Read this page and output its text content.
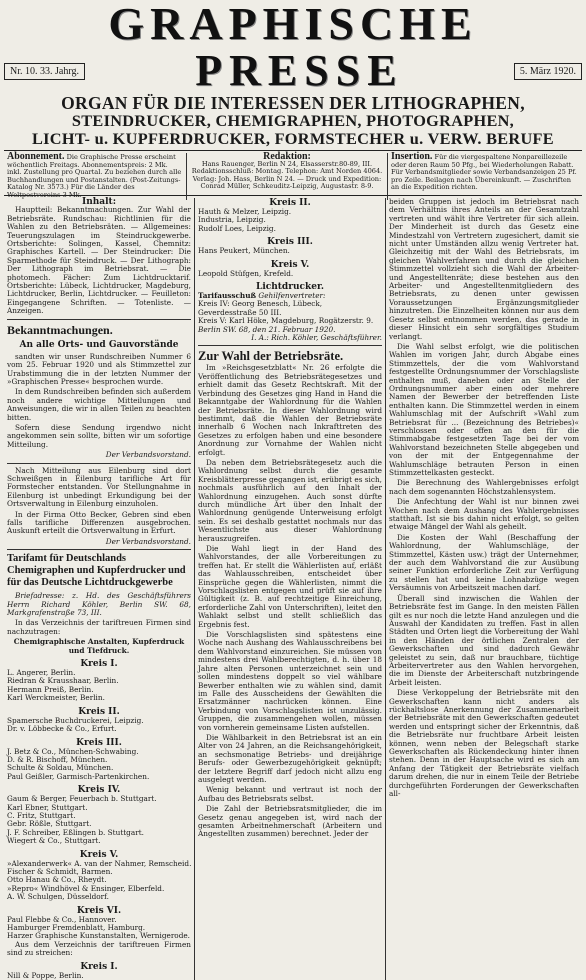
GRAPHISCHE
Nr. 10. 33. Jahrg.	PRESSE	5. März 1920.
ORGAN FÜR DIE INTERESSEN DER LITHOGRAPHEN,
STEINDRUCKER, CHEMIGRAPHEN, PHOTOGRAPHEN,
LICHT- u. KUPFERDRUCKER, FORMSTECHER u. VERW. BERUFE
Abonnement. Die Graphische Presse erscheint wöchentlich Freitags. Abonnementspreis: 2 Mk. inkl. Zustellung pro Quartal. Zu beziehen durch alle Buchhandlungen und Postanstalten. (Post-Zeitungs-Katalog Nr. 3573.) Für die Länder des Weltpostvereins 3 Mk.
Redaktion:
Hans Rauenger, Berlin N 24, Elsasserstr.80-89, III. Redaktionsschluß: Montag. Telephon: Amt Norden 4064. Verlag: Joh. Hass, Berlin N 24. — Druck und Expedition: Conrad Müller, Schkeuditz-Leipzig, Augustastr. 8-9.
Insertion. Für die viergespaltene Nonpareillezeile oder deren Raum 50 Pfg., bei Wiederholungen Rabatt. Für Verbandsmitglieder sowie Verbandsanzeigen 25 Pf. pro Zeile. Beilagen nach Übereinkunft. — Zuschriften an die Expedition richten.
Inhalt:

Hauptteil: Bekanntmachungen. Zur Wahl der Betriebsräte. Rundschau: Richtlinien für die Wahlen zu den Betriebsräten. — Allgemeines: Teuerungszulagen im Steindruckgewerbe. Ortsberichte: Solingen, Kassel, Chemnitz: Graphisches Kartell. — Der Steindrucker: Die Sparmethode für Steindruck. — Der Lithograph: Der Lithograph im Betriebsrat. — Die photomech. Fächer: Zum Lichtdrucktarif. Ortsberichte: Lübeck, Lichtdrucker, Magdeburg, Lichtdrucker, Berlin, Lichtdrucker. — Feuilleton: Eingegangene Schriften. — Totenliste. — Anzeigen.

Bekanntmachungen.
An alle Orts- und Gauvorstände

sandten wir unser Rundschreiben Nummer 6 vom 25. Februar 1920 und als Stimmzettel zur Urabstimmung die in der letzten Nummer der »Graphischen Presse« besprochen wurde.

In dem Rundschreiben befinden sich außerdem noch andere wichtige Mitteilungen und Anweisungen, die wir in allen Teilen zu beachten bitten.

Sofern diese Sendung irgendwo nicht angekommen sein sollte, bitten wir um sofortige Mitteilung.

Der Verbandsvorstand.

Nach Mitteilung aus Eilenburg sind dort Schweißgen in Eilenburg tarifliche Art für Formstecher entstanden. Vor Stellungnahme in Eilenburg ist unbedingt Erkundigung bei der Ortsverwaltung in Eilenburg einzuholen.

In der Firma Otto Becker, Gebren sind eben falls tarifliche Differenzen ausgebrochen. Auskunft erteilt die Ortsverwaltung in Erfurt.

Der Verbandsvorstand.
Tarifamt für Deutschlands Chemigraphen und Kupferdrucker und für das Deutsche Lichtdruckgewerbe

Briefadresse: z. Hd. des Geschäftsführers Herrn Richard Köhler, Berlin SW. 68, Markgrafenstraße 73, III.

In das Verzeichnis der tariftreuen Firmen sind nachzutragen:

Chemigraphische Anstalten, Kupferdruck und Tiefdruck.
Kreis I.
L. Angerer, Berlin.
Riedran & Krausshaar, Berlin.
Hermann Preiß, Berlin.
Karl Werckmeister, Berlin.
Kreis II.
Spamersche Buchdruckerei, Leipzig.
Dr. v. Löbbecke & Co., Erfurt.
Kreis III.
J. Betz & Co., München-Schwabing.
D. & R. Bischoff, München.
Schulte & Soldau, München.
Paul Geißler, Garmisch-Partenkirchen.
Kreis IV.
Gaum & Berger, Feuerbach b. Stuttgart.
Karl Ebner, Stuttgart.
C. Fritz, Stuttgart.
Gebr. Rößle, Stuttgart.
J. F. Schreiber, Eßlingen b. Stuttgart.
Wiegert & Co., Stuttgart.
Kreis V.
»Alexanderwerk« A. van der Nahmer, Remscheid.
Fischer & Schmidt, Barmen.
Otto Hanau & Co., Rheydt.
»Repro« Windhövel & Ensinger, Elberfeld.
A. W. Schulgen, Düsseldorf.
Kreis VI.
Paul Flebbe & Co., Hannover.
Hamburger Fremdenblatt, Hamburg.
Harzer Graphische Kunstanstalten, Wernigerode.

Aus dem Verzeichnis der tariftreuen Firmen sind zu streichen:

Kreis I.
Nill & Poppe, Berlin.
Kreis II.
Hauth & Melzer, Leipzig.
Industria, Leipzig.
Rudolf Loes, Leipzig.
Kreis III.
Hans Peukert, München.
Kreis V.
Leopold Stüfgen, Krefeld.
Lichtdrucker.
Tarifausschuß Gehilfenvertreter:
Kreis IV: Georg Benesch, Lübeck, Geverdesstraße 50 III.
Kreis V: Karl Höke, Magdeburg, Rogätzerstr. 9.
Berlin SW. 68, den 21. Februar 1920.
I. A.: Rich. Köhler, Geschäftsführer.
Zur Wahl der Betriebsräte.

Im »Reichsgesetzblatt« Nr. 26 erfolgte die Veröffentlichung des Betriebsrätegesetzes und erhielt damit das Gesetz Rechtskraft. Mit der Verbindung des Gesetzes ging Hand in Hand die Bekanntgabe der Wahlordnung für die Wahlen der Betriebsräte. In dieser Wahlordnung wird bestimmt, daß die Wahlen der Betriebsräte innerhalb 6 Wochen nach Inkrafttreten des Gesetzes zu erfolgen haben und eine besondere Anordnung zur Vornahme der Wahlen nicht erfolgt.

Da neben dem Betriebsrätegesetz auch die Wahlordnung selbst durch die gesamte Kreisblätterpresse gegangen ist, erübrigt es sich, nochmals ausführlich auf den Inhalt der Wahlordnung einzugehen. Auch sonst dürfte durch mündliche Art über den Inhalt der Wahlordnung genügende Unterweisung erfolgt sein. Es sei deshalb gestattet nochmals nur das Wesentlichste aus dieser Wahlordnung herauszugreifen.

Die Wahl liegt in der Hand des Wahlvorstandes, der alle Vorbereitungen zu treffen hat. Er stellt die Wählerlisten auf, erläßt das Wahlausschreiben, entscheidet über Einsprüche gegen die Wählerlisten, nimmt die Vorschlagslisten entgegen und prüft sie auf ihre Gültigkeit (z. B. auf rechtzeitige Einreichung, erforderliche Zahl von Unterschriften), leitet den Wahlakt selbst und stellt schließlich das Ergebnis fest.

Die Vorschlagslisten sind spätestens eine Woche nach Aushang des Wahlausschreibens bei dem Wahlvorstand einzureichen. Sie müssen von mindestens drei Wahlberechtigten, d. h. über 18 Jahre alten Personen unterzeichnet sein und sollen mindestens doppelt so viel wählbare Bewerber enthalten wie zu wählen sind, damit im Falle des Ausscheidens der Gewählten die Ersatzmänner nachrücken können. Eine Verbindung von Vorschlagslisten ist unzulässig. Gruppen, die zusammengehen wollen, müssen von vornherein gemeinsame Listen aufstellen.

Die Wählbarkeit in den Betriebsrat ist an ein Alter von 24 Jahren, an die Reichsangehörigkeit, an sechsmonatige Betriebs- und dreijährige Berufs- oder Gewerbezugehörigkeit geknüpft; der letztere Begriff darf jedoch nicht allzu eng ausgelegt werden.

Wenig bekannt und vertraut ist noch der Aufbau des Betriebsrats selbst.

Die Zahl der Betriebsratsmitglieder, die im Gesetz genau angegeben ist, wird nach der gesamten Arbeitnehmerschaft (Arbeitern und Angestellten zusammen) berechnet. Jeder der

beiden Gruppen ist jedoch im Betriebsrat nach dem Verhältnis ihres Anteils an der Gesamtzahl vertreten und wählt ihre Vertreter für sich allein. Der Minderheit ist durch das Gesetz eine Mindestzahl von Vertretern zugesichert, damit sie nicht unter Umständen allzu wenig Vertreter hat. Gleichzeitig mit der Wahl des Betriebsrats, im gleichen Wahlverfahren und durch die gleichen Stimmzettel vollzieht sich die Wahl der Arbeiter- und Angestelltenräte; diese bestehen aus den Arbeiter- und Angestelltenmitgliedern des Betriebsrats, zu denen unter gewissen Voraussetzungen Ergänzungsmitglieder hinzutreten. Die Einzelheiten können nur aus dem Gesetz selbst entnommen werden, das gerade in dieser Hinsicht ein sehr sorgfältiges Studium verlangt.

Die Wahl selbst erfolgt, wie die politischen Wahlen im vorigen Jahr, durch Abgabe eines Stimmzettels, der die vom Wahlvorstand festgestellte Ordnungsnummer der Vorschlagsliste enthalten muß, daneben oder an Stelle der Ordnungsnummer aber einen oder mehrere Namen der Bewerber der betreffenden Liste enthalten kann. Die Stimmzettel werden in einem Wahlumschlag mit der Aufschrift »Wahl zum Betriebsrat für ... (Bezeichnung des Betriebes)« verschlossen oder offen an den für die Stimmabgabe festgesetzten Tage bei der vom Wahlvorstand bezeichneten Stelle abgegeben und von der mit der Entgegennahme der Wahlumschläge betrauten Person in einen Stimmzettelkasten gesteckt.

Die Berechnung des Wahlergebnisses erfolgt nach dem sogenannten Höchstzahlensystem.

Die Anfechtung der Wahl ist nur binnen zwei Wochen nach dem Aushang des Wahlergebnisses statthaft. Ist sie bis dahin nicht erfolgt, so gelten etwaige Mängel der Wahl als geheilt.

Die Kosten der Wahl (Beschaffung der Wahlordnung, der Wahlumschläge, der Stimmzettel, Kästen usw.) trägt der Unternehmer, der auch dem Wahlvorstand die zur Ausübung seiner Funktion erforderliche Zeit zur Verfügung zu stellen hat und keine Lohnabzüge wegen Versäumnis von Arbeitszeit machen darf.

Überall sind inzwischen die Wahlen der Betriebsräte fest im Gange. In den meisten Fällen gilt es nur noch die letzte Hand anzulegen und die Auswahl der Kandidaten zu treffen. Fast in allen Städten und Orten liegt die Vorbereitung der Wahl in den Händen der örtlichen Zentralen der Gewerkschaften und sind dadurch Gewähr geleistet zu sein, daß nur brauchbare, tüchtige Arbeitervertreter aus den Wahlen hervorgehen, die im Dienste der Arbeiterschaft nutzbringende Arbeit leisten.

Diese Verkoppelung der Betriebsräte mit den Gewerkschaften kann nicht anders als rückhaltslose Anerkennung der Zusammenarbeit der Betriebsräte mit den Gewerkschaften gedeutet werden und entspringt sicher der Erkenntnis, daß die Betriebsräte nur fruchtbare Arbeit leisten können, wenn neben der Belegschaft starke Gewerkschaften als Rückendeckung hinter ihnen stehen. Denn in der Hauptsache wird es sich am Anfang der Tätigkeit der Betriebsräte vielfach darum drehen, die nur in einem Teile der Betriebe durchgeführten Forderungen der Gewerkschaften all-
